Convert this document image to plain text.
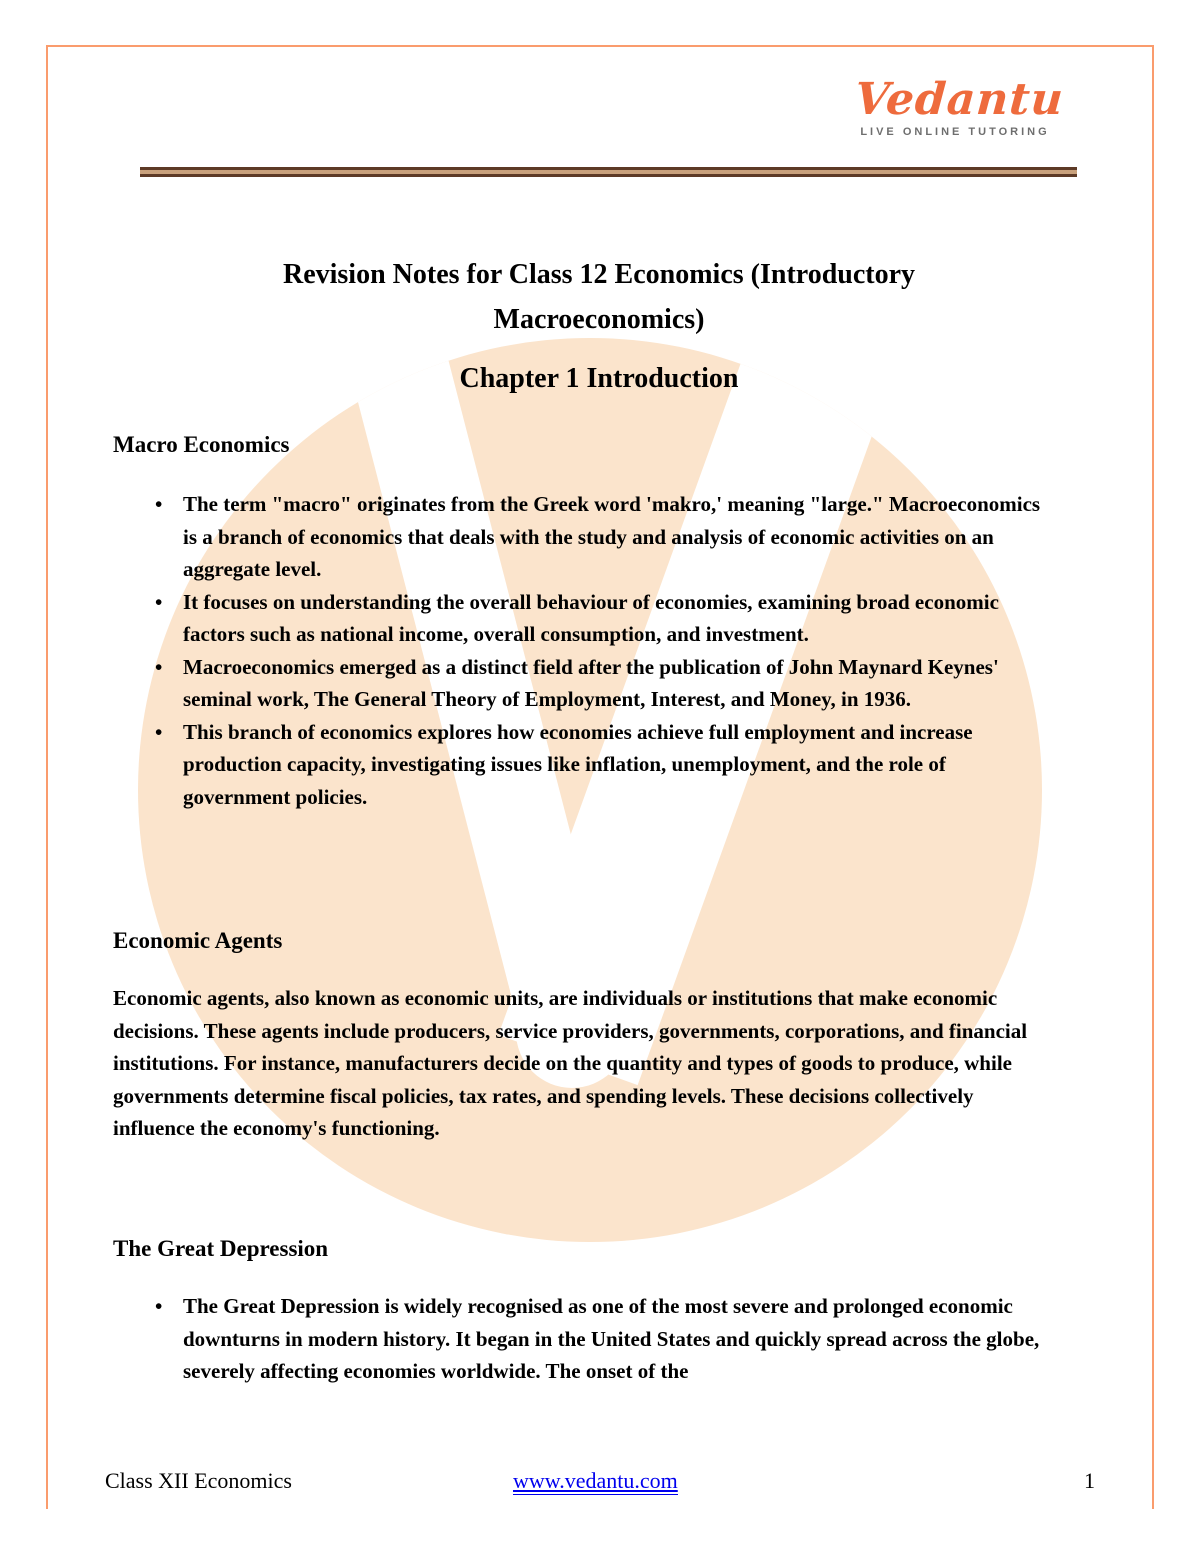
Vedantu
LIVE ONLINE TUTORING
Revision Notes for Class 12 Economics (Introductory Macroeconomics)
Chapter 1 Introduction
Macro Economics
• The term "macro" originates from the Greek word 'makro,' meaning "large." Macroeconomics is a branch of economics that deals with the study and analysis of economic activities on an aggregate level.
• It focuses on understanding the overall behaviour of economies, examining broad economic factors such as national income, overall consumption, and investment.
• Macroeconomics emerged as a distinct field after the publication of John Maynard Keynes' seminal work, The General Theory of Employment, Interest, and Money, in 1936.
• This branch of economics explores how economies achieve full employment and increase production capacity, investigating issues like inflation, unemployment, and the role of government policies.
Economic Agents

Economic agents, also known as economic units, are individuals or institutions that make economic decisions. These agents include producers, service providers, governments, corporations, and financial institutions. For instance, manufacturers decide on the quantity and types of goods to produce, while governments determine fiscal policies, tax rates, and spending levels. These decisions collectively influence the economy's functioning.

The Great Depression
• The Great Depression is widely recognised as one of the most severe and prolonged economic downturns in modern history. It began in the United States and quickly spread across the globe, severely affecting economies worldwide. The onset of the
Class XII Economics	www.vedantu.com	1
